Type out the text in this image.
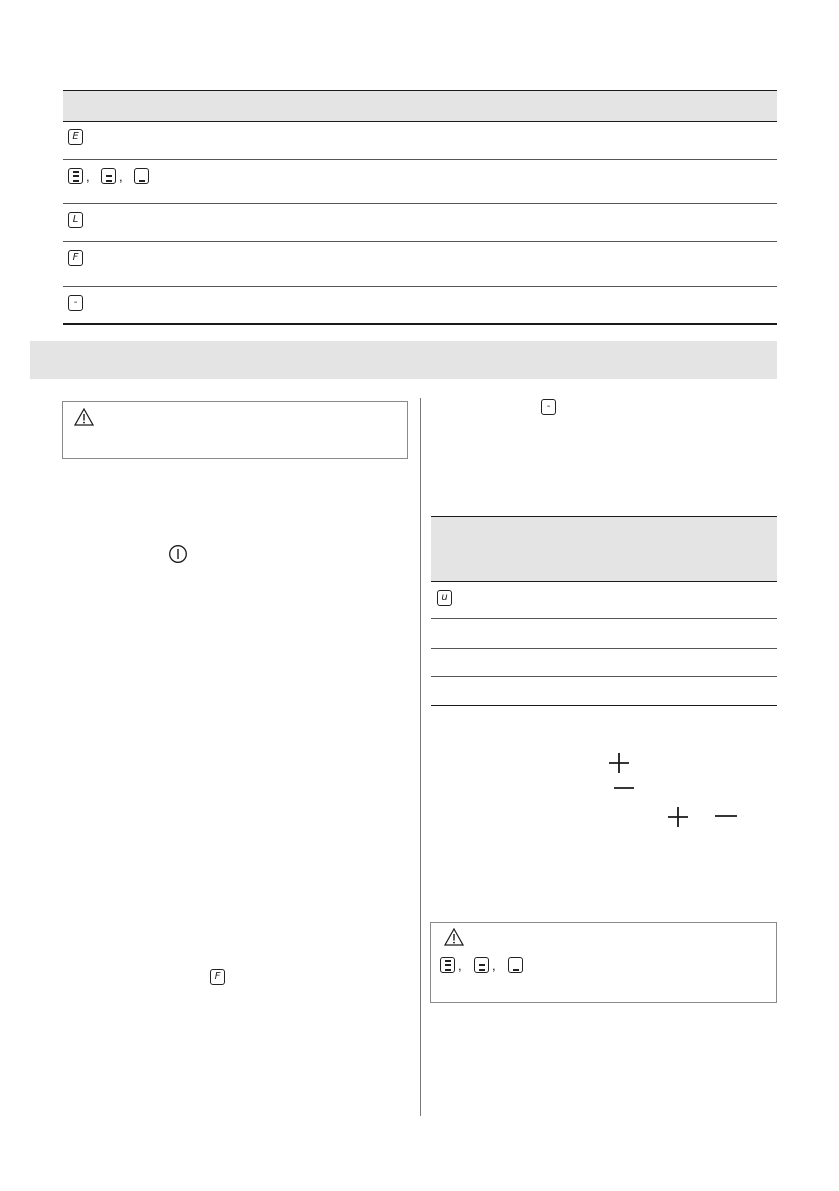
E
, ,
L
F
-
F
-
u
, ,
